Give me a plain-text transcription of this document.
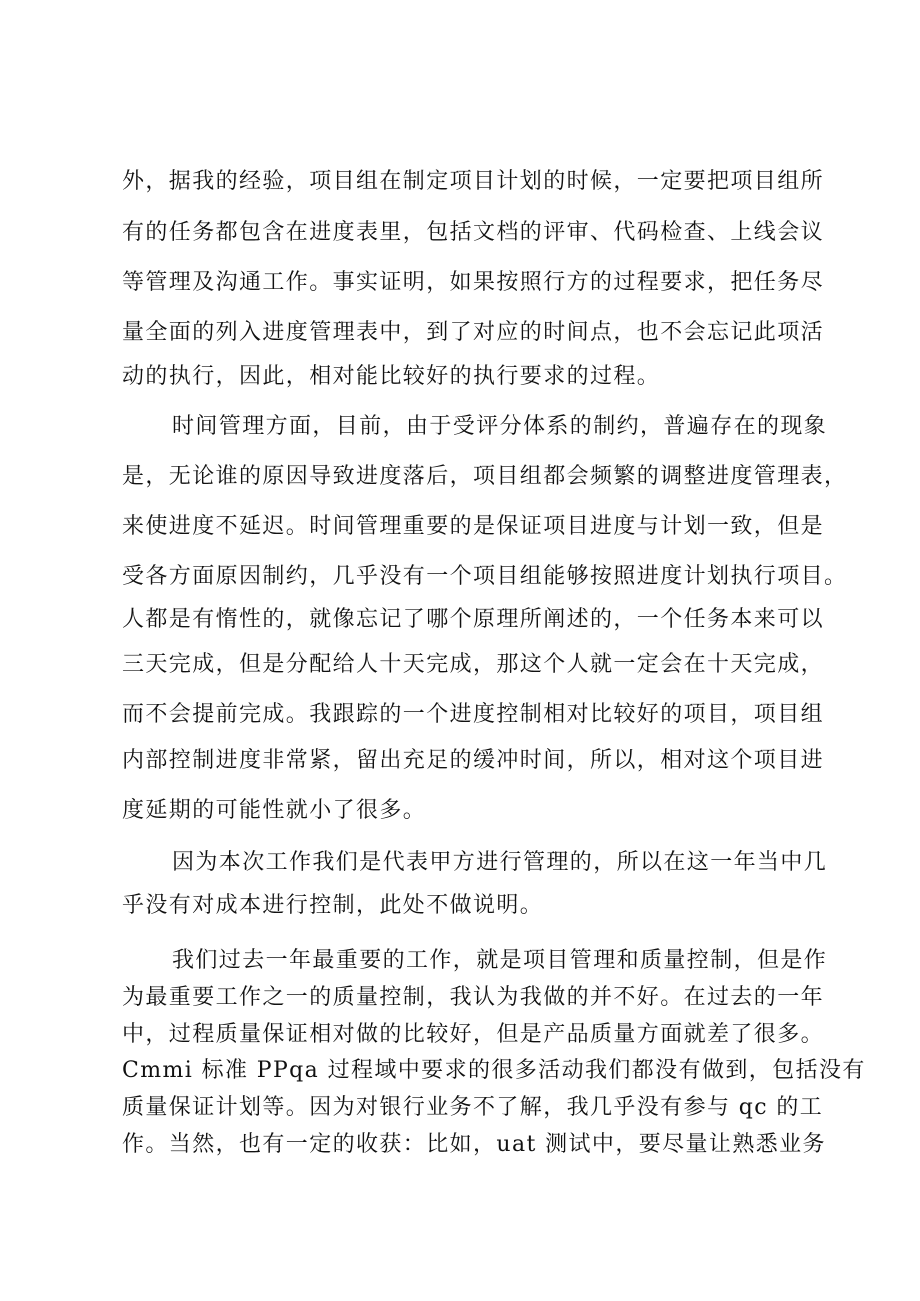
外，据我的经验，项目组在制定项目计划的时候，一定要把项目组所
有的任务都包含在进度表里，包括文档的评审、代码检查、上线会议
等管理及沟通工作。事实证明，如果按照行方的过程要求，把任务尽
量全面的列入进度管理表中，到了对应的时间点，也不会忘记此项活
动的执行，因此，相对能比较好的执行要求的过程。
时间管理方面，目前，由于受评分体系的制约，普遍存在的现象
是，无论谁的原因导致进度落后，项目组都会频繁的调整进度管理表，
来使进度不延迟。时间管理重要的是保证项目进度与计划一致，但是
受各方面原因制约，几乎没有一个项目组能够按照进度计划执行项目。
人都是有惰性的，就像忘记了哪个原理所阐述的，一个任务本来可以
三天完成，但是分配给人十天完成，那这个人就一定会在十天完成，
而不会提前完成。我跟踪的一个进度控制相对比较好的项目，项目组
内部控制进度非常紧，留出充足的缓冲时间，所以，相对这个项目进
度延期的可能性就小了很多。
因为本次工作我们是代表甲方进行管理的，所以在这一年当中几
乎没有对成本进行控制，此处不做说明。
我们过去一年最重要的工作，就是项目管理和质量控制，但是作
为最重要工作之一的质量控制，我认为我做的并不好。在过去的一年
中，过程质量保证相对做的比较好，但是产品质量方面就差了很多。
Cmmi 标准 PPqa 过程域中要求的很多活动我们都没有做到，包括没有
质量保证计划等。因为对银行业务不了解，我几乎没有参与 qc 的工
作。当然，也有一定的收获：比如，uat 测试中，要尽量让熟悉业务
